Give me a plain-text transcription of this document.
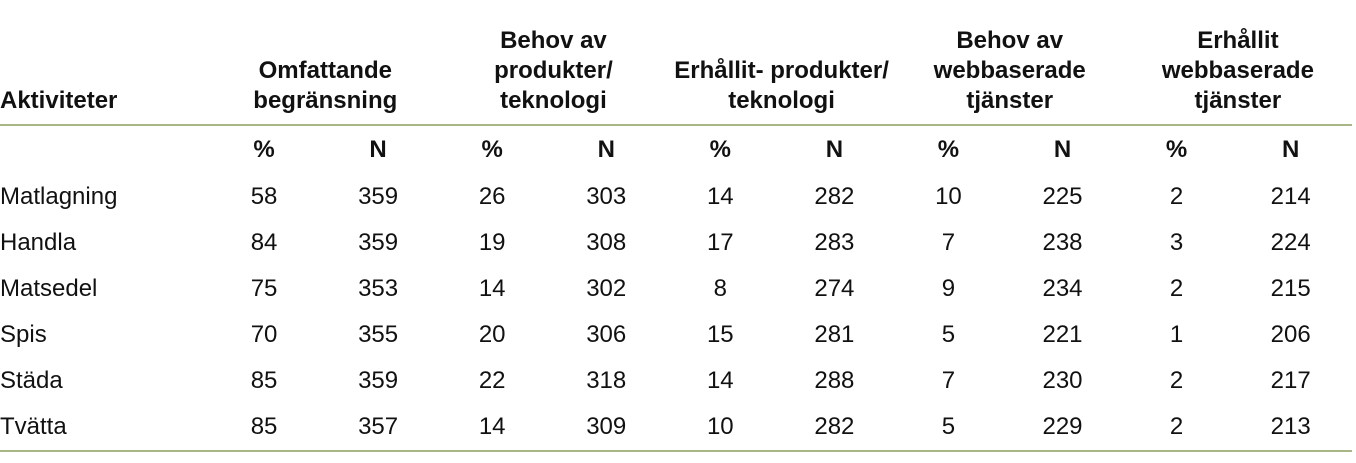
Aktiviteter	Omfattande begränsning		Behov av produkter/ teknologi		Erhållit- produkter/ teknologi		Behov av webbaserade tjänster		Erhållit webbaserade tjänster	
	%	N	%	N	%	N	%	N	%	N
Matlagning	58	359	26	303	14	282	10	225	2	214
Handla	84	359	19	308	17	283	7	238	3	224
Matsedel	75	353	14	302	8	274	9	234	2	215
Spis	70	355	20	306	15	281	5	221	1	206
Städa	85	359	22	318	14	288	7	230	2	217
Tvätta	85	357	14	309	10	282	5	229	2	213
